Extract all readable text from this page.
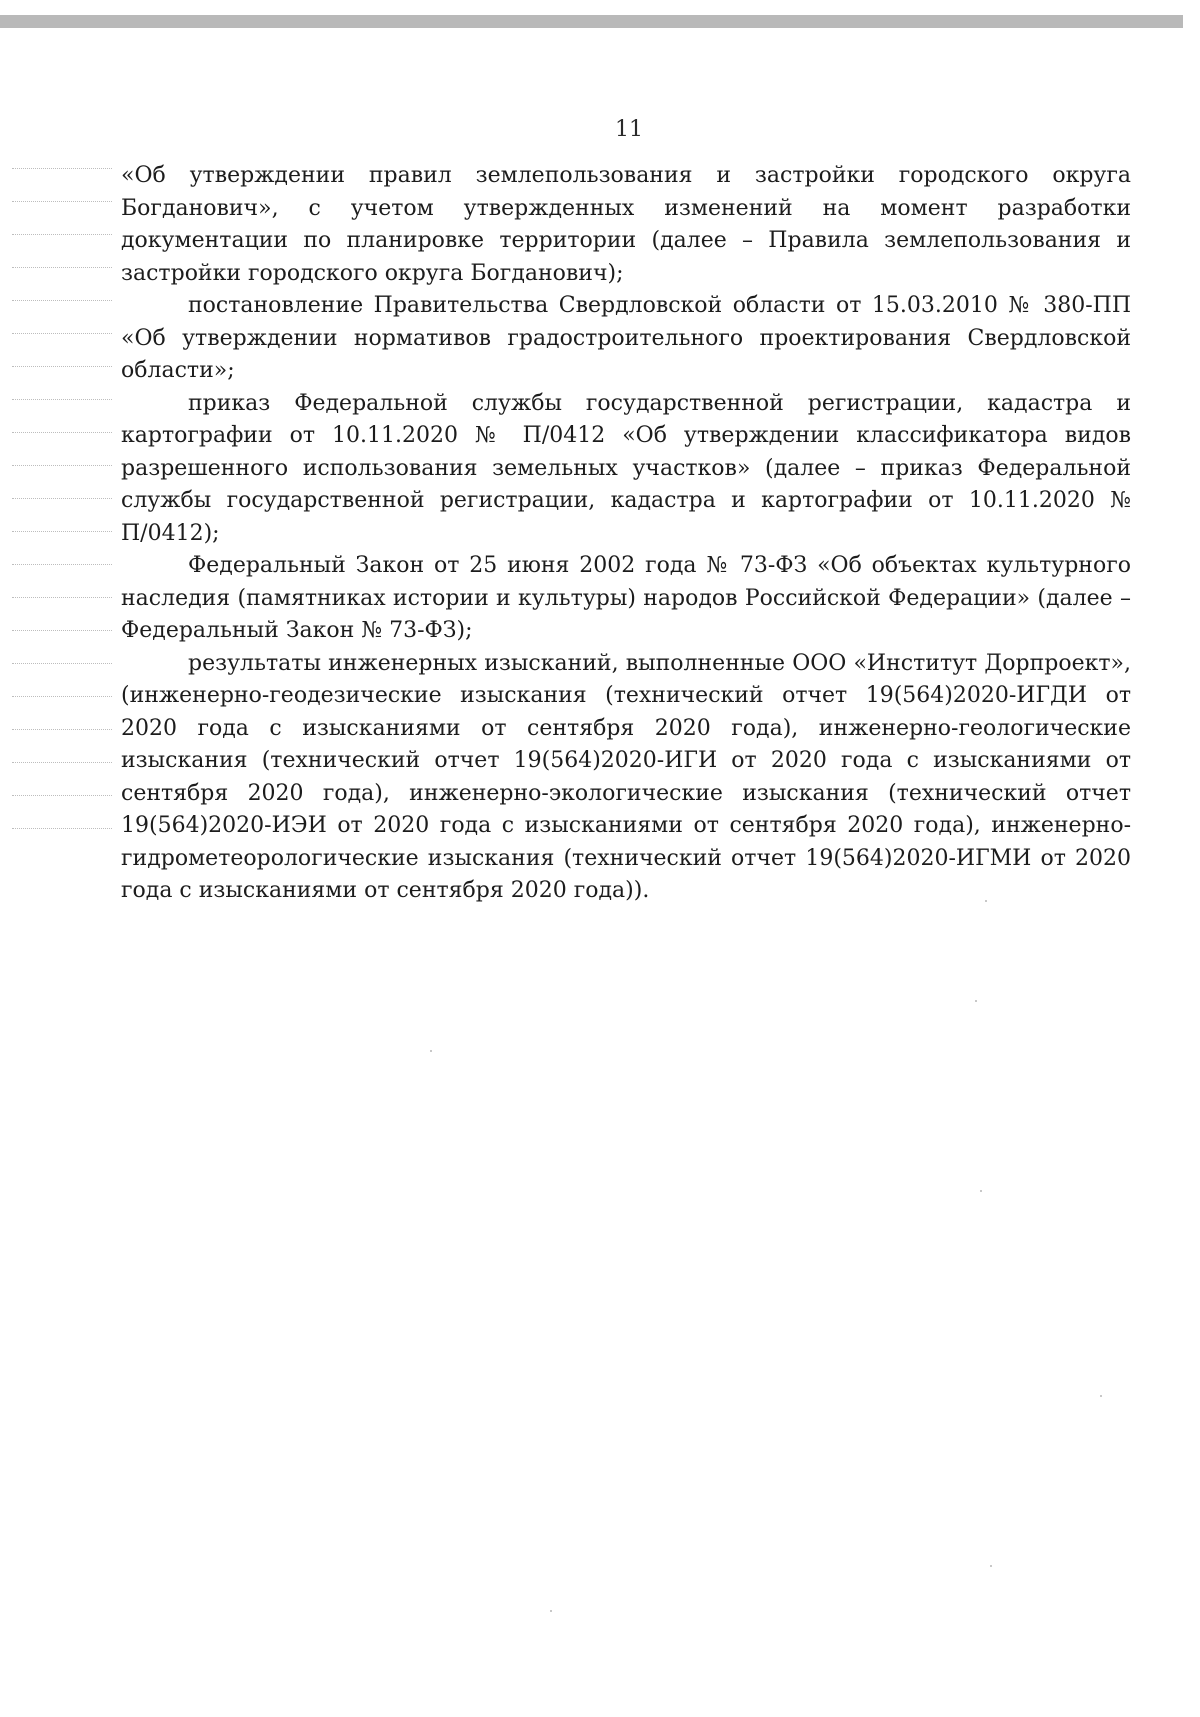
11

«Об утверждении правил землепользования и застройки городского округа Богданович», с учетом утвержденных изменений на момент разработки документации по планировке территории (далее – Правила землепользования и застройки городского округа Богданович);

постановление Правительства Свердловской области от 15.03.2010 № 380-ПП «Об утверждении нормативов градостроительного проектирования Свердловской области»;

приказ Федеральной службы государственной регистрации, кадастра и картографии от 10.11.2020 № П/0412 «Об утверждении классификатора видов разрешенного использования земельных участков» (далее – приказ Федеральной службы государственной регистрации, кадастра и картографии от 10.11.2020 № П/0412);

Федеральный Закон от 25 июня 2002 года № 73-ФЗ «Об объектах культурного наследия (памятниках истории и культуры) народов Российской Федерации» (далее – Федеральный Закон № 73-ФЗ);

результаты инженерных изысканий, выполненные ООО «Институт Дорпроект», (инженерно-геодезические изыскания (технический отчет 19(564)2020-ИГДИ от 2020 года с изысканиями от сентября 2020 года), инженерно-геологические изыскания (технический отчет 19(564)2020-ИГИ от 2020 года с изысканиями от сентября 2020 года), инженерно-экологические изыскания (технический отчет 19(564)2020-ИЭИ от 2020 года с изысканиями от сентября 2020 года), инженерно-гидрометеорологические изыскания (технический отчет 19(564)2020-ИГМИ от 2020 года с изысканиями от сентября 2020 года)).
